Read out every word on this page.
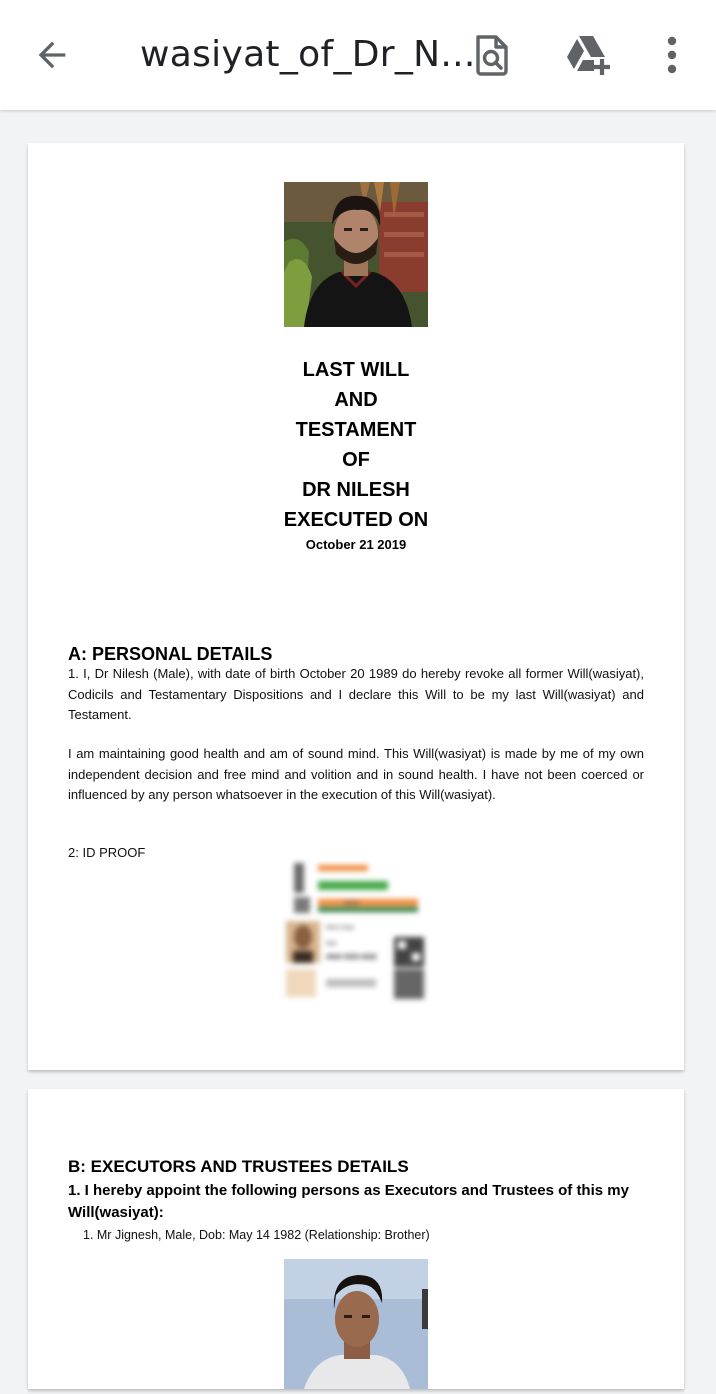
wasiyat_of_Dr_N...
LAST WILL
AND
TESTAMENT
OF
DR NILESH
EXECUTED ON
October 21 2019
A: PERSONAL DETAILS
1. I, Dr Nilesh (Male), with date of birth October 20 1989 do hereby revoke all former Will(wasiyat), Codicils and Testamentary Dispositions and I declare this Will to be my last Will(wasiyat) and Testament.
I am maintaining good health and am of sound mind. This Will(wasiyat) is made by me of my own independent decision and free mind and volition and in sound health. I have not been coerced or influenced by any person whatsoever in the execution of this Will(wasiyat).
2: ID PROOF
सरकार
Nilesh Singh
Male
4444 3333 2222
B: EXECUTORS AND TRUSTEES DETAILS
1. I hereby appoint the following persons as Executors and Trustees of this my Will(wasiyat):
1. Mr Jignesh, Male, Dob: May 14 1982 (Relationship: Brother)
